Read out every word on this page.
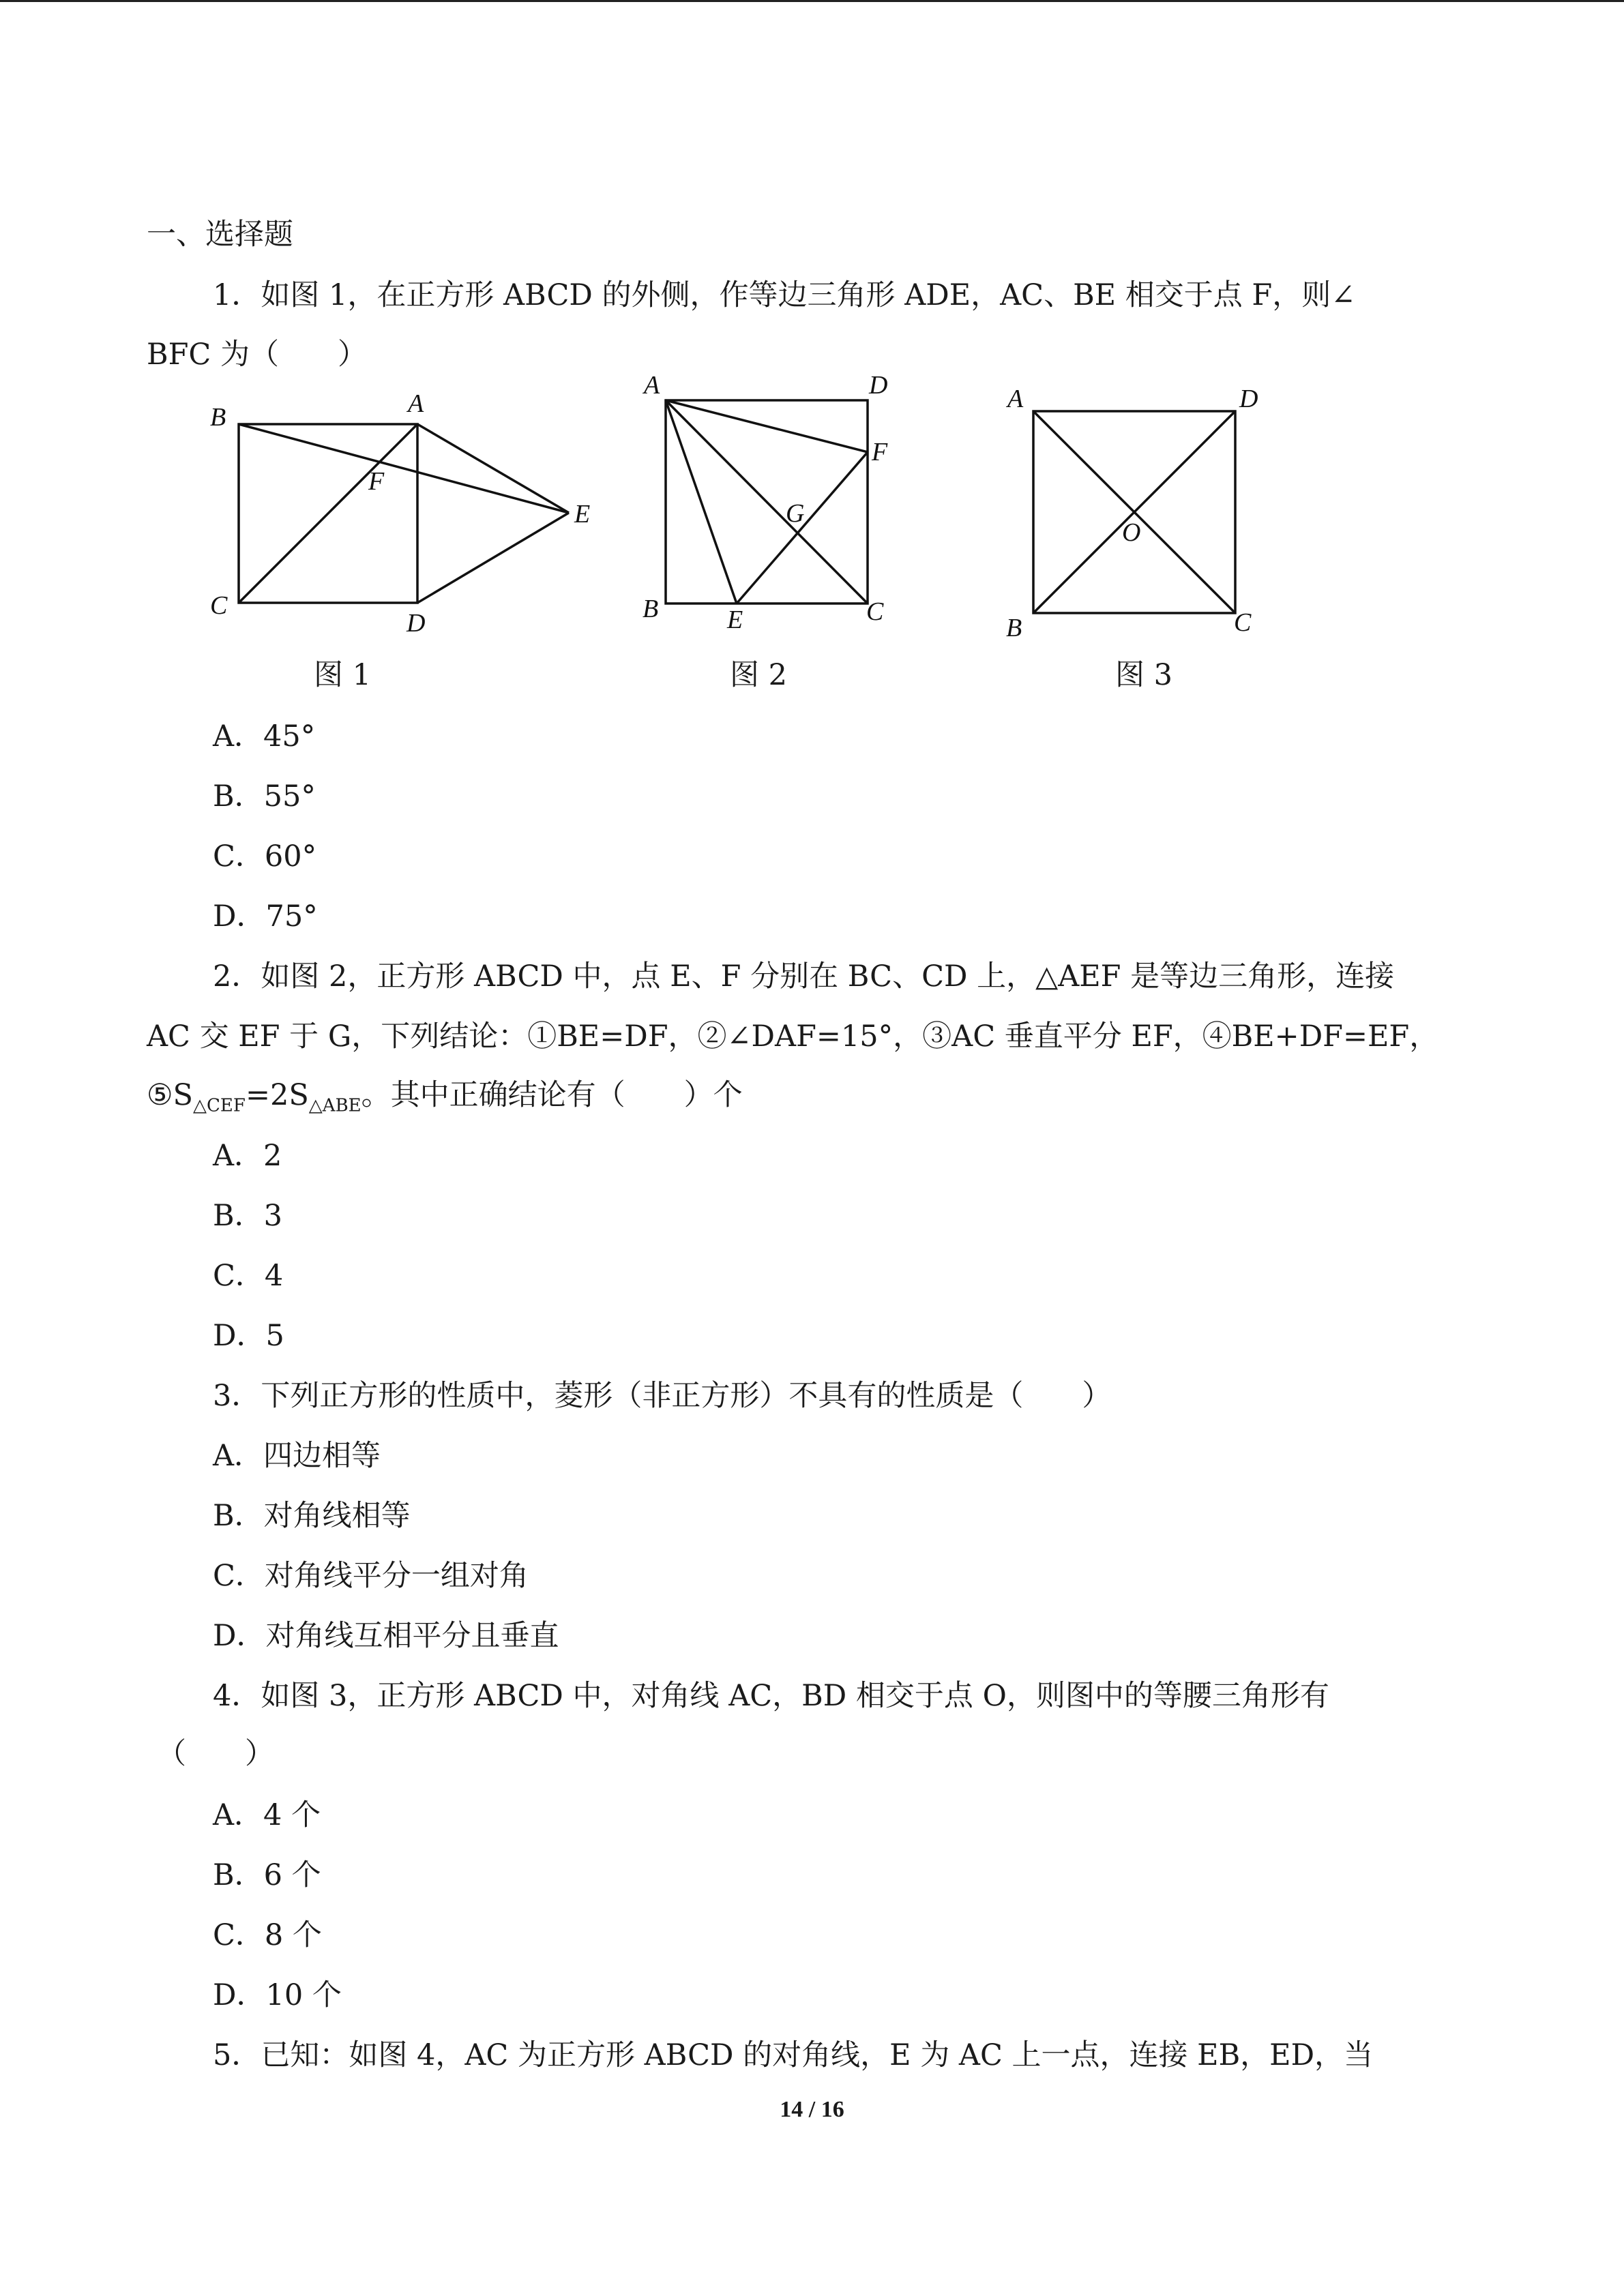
一、选择题
1．如图 1，在正方形 ABCD 的外侧，作等边三角形 ADE，AC、BE 相交于点 F，则∠
BFC 为（　　）
B	A
C
D
E
F
A	D
F
G
B	E	C
A	D
O
B	C
图 1	图 2	图 3
A．45°
B．55°
C．60°
D．75°
2．如图 2，正方形 ABCD 中，点 E、F 分别在 BC、CD 上，△AEF 是等边三角形，连接
AC 交 EF 于 G，下列结论：①BE=DF，②∠DAF=15°，③AC 垂直平分 EF，④BE+DF=EF，
$⑤S_{\triangle CEF}=2S_{\triangle ABE}$。其中正确结论有（　　）个
A．2
B．3
C．4
D．5
3．下列正方形的性质中，菱形（非正方形）不具有的性质是（　　）
A．四边相等
B．对角线相等
C．对角线平分一组对角
D．对角线互相平分且垂直
4．如图 3，正方形 ABCD 中，对角线 AC，BD 相交于点 O，则图中的等腰三角形有
（　　）
A．4 个
B．6 个
C．8 个
D．10 个
5．已知：如图 4，AC 为正方形 ABCD 的对角线，E 为 AC 上一点，连接 EB，ED，当
14 / 16
